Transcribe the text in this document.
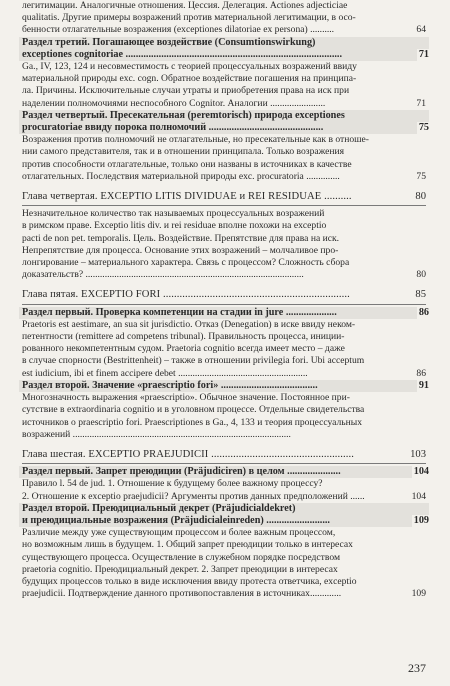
легитимации. Аналогичные отношения. Цессия. Делегация. Actiones adjecticiae
qualitatis. Другие примеры возражений против материальной легитимации, в осо-
бенности отлагательные возражения (exceptiones dilatoriae ex persona) ..........	64
Раздел третий. Погашающее воздействие (Consumtionswirkung)
exceptiones cognitoriae .....................................................................................	71
Ga., IV, 123, 124 и несовместимость с теорией процессуальных возражений ввиду
материальной природы exc. cogn. Обратное воздействие погашения на принципа-
ла. Причины. Исключительные случаи утраты и приобретения права на иск при
наделении полномочиями неспособного Cognitor. Аналогии .......................	71
Раздел четвертый. Пресекательная (peremtorisch) природа exceptiones
procuratoriae ввиду порока полномочий .............................................	75
Возражения против полномочий не отлагательные, но пресекательные как в отноше-
нии самого представителя, так и в отношении принципала. Только возражения
против способности отлагательные, только они названы в источниках в качестве
отлагательных. Последствия материальной природы exc. procuratoria ..............	75
Глава четвертая. EXCEPTIO LITIS DIVIDUAE и REI RESIDUAE ..........	80
Незначительное количество так называемых процессуальных возражений
в римском праве. Exceptio litis div. и rei residuae вполне похожи на exceptio
pacti de non pet. temporalis. Цель. Воздействие. Препятствие для права на иск.
Непрепятствие для процесса. Основание этих возражений – молчаливое про-
лонгирование – материального характера. Связь с процессом? Сложность сбора
доказательств? ...........................................................................................	80
Глава пятая. EXCEPTIO FORI ....................................................................	85
Раздел первый. Проверка компетенции на стадии in jure ....................	86
Praetoris est aestimare, an sua sit jurisdictio. Отказ (Denegation) в иске ввиду неком-
петентности (remittere ad competens tribunal). Правильность процесса, иниции-
рованного некомпетентным судом. Praetoria cognitio всегда имеет место – даже
в случае спорности (Bestrittenheit) – также в отношении privilegia fori. Ubi acceptum
est iudicium, ibi et finem accipere debet ......................................................	86
Раздел второй. Значение «praescriptio fori» ......................................	91
Многозначность выражения «praescriptio». Обычное значение. Постоянное при-
сутствие в extraordinaria cognitio и в уголовном процессе. Отдельные свидетельства
источников о praescriptio fori. Praescriptiones в Ga., 4, 133 и теория процессуальных
возражений ...........................................................................................
Глава шестая. EXCEPTIO PRAEJUDICII ....................................................	103
Раздел первый. Запрет преюдиции (Präjudiciren) в целом .....................	104
Правило l. 54 de jud. 1. Отношение к будущему более важному процессу?
2. Отношение к exceptio praejudicii? Аргументы против данных предположений ......	104
Раздел второй. Преюдициальный декрет (Präjudicialdekret)
и преюдициальные возражения (Präjudicialeinreden) .........................	109
Различие между уже существующим процессом и более важным процессом,
но возможным лишь в будущем. 1. Общий запрет преюдиции только в интересах
существующего процесса. Осуществление в служебном порядке посредством
praetoria cognitio. Преюдициальный декрет. 2. Запрет преюдиции в интересах
будущих процессов только в виде исключения ввиду протеста ответчика, exceptio
praejudicii. Подтверждение данного противопоставления в источниках.............	109
237
